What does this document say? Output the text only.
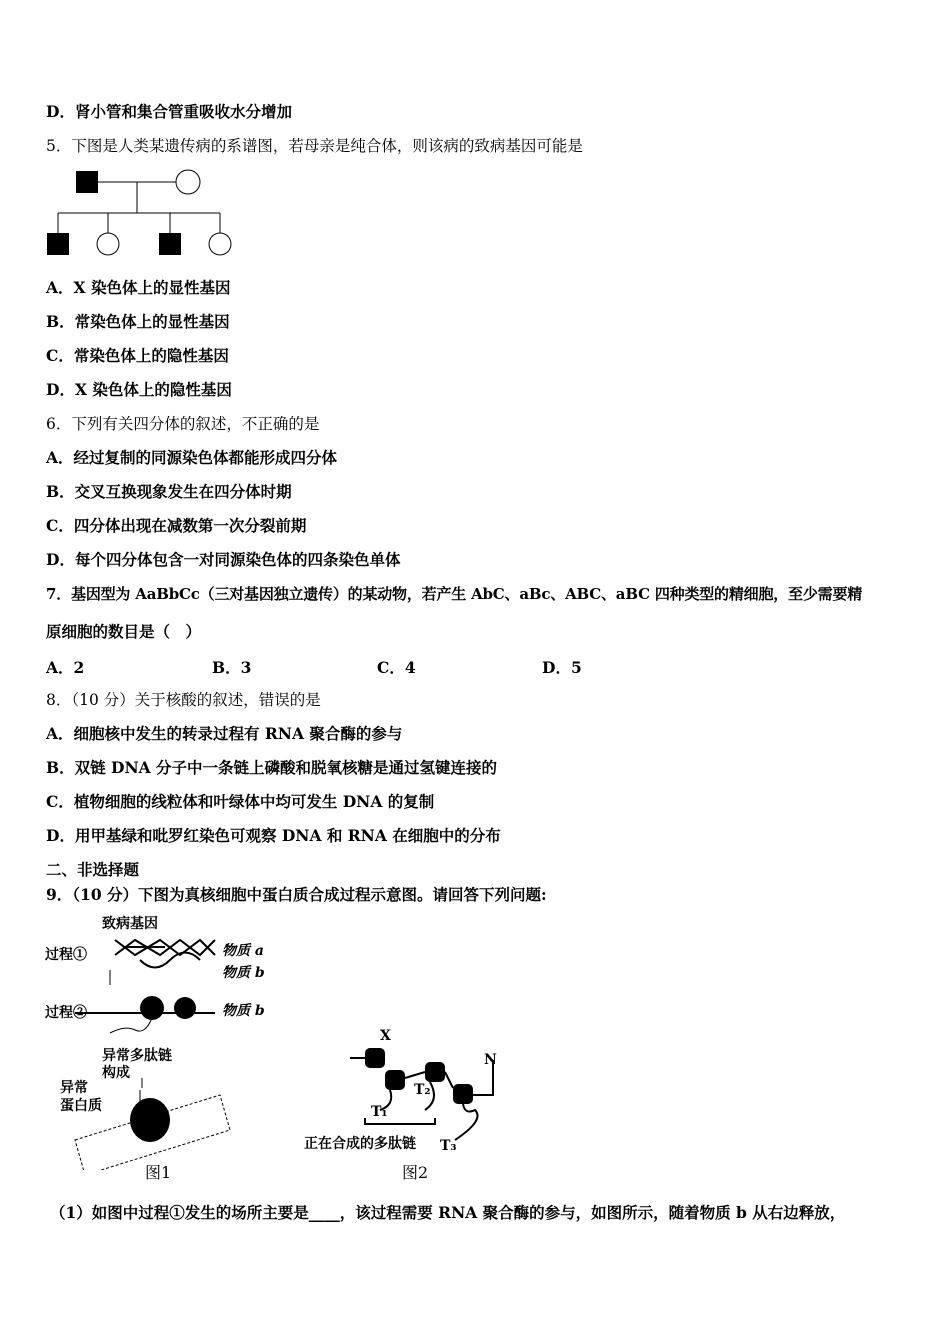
D．肾小管和集合管重吸收水分增加
5．下图是人类某遗传病的系谱图，若母亲是纯合体，则该病的致病基因可能是
A．X 染色体上的显性基因
B．常染色体上的显性基因
C．常染色体上的隐性基因
D．X 染色体上的隐性基因
6．下列有关四分体的叙述，不正确的是
A．经过复制的同源染色体都能形成四分体
B．交叉互换现象发生在四分体时期
C．四分体出现在减数第一次分裂前期
D．每个四分体包含一对同源染色体的四条染色单体
7．基因型为 AaBbCc（三对基因独立遗传）的某动物，若产生 AbC、aBc、ABC、aBC 四种类型的精细胞，至少需要精
原细胞的数目是（　）
A．2	B．3	C．4	D．5
8．（10 分）关于核酸的叙述，错误的是
A．细胞核中发生的转录过程有 RNA 聚合酶的参与
B．双链 DNA 分子中一条链上磷酸和脱氧核糖是通过氢键连接的
C．植物细胞的线粒体和叶绿体中均可发生 DNA 的复制
D．用甲基绿和吡罗红染色可观察 DNA 和 RNA 在细胞中的分布
二、非选择题
9．（10 分）下图为真核细胞中蛋白质合成过程示意图。请回答下列问题:
致病基因
过程①	物质 a
物质 b
过程②	物质 b
异常多肽链
构成
异常
蛋白质
图1
X
N
T₁
T₂
T₃
正在合成的多肽链
图2
（1）如图中过程①发生的场所主要是____，该过程需要 RNA 聚合酶的参与，如图所示，随着物质 b 从右边释放，
